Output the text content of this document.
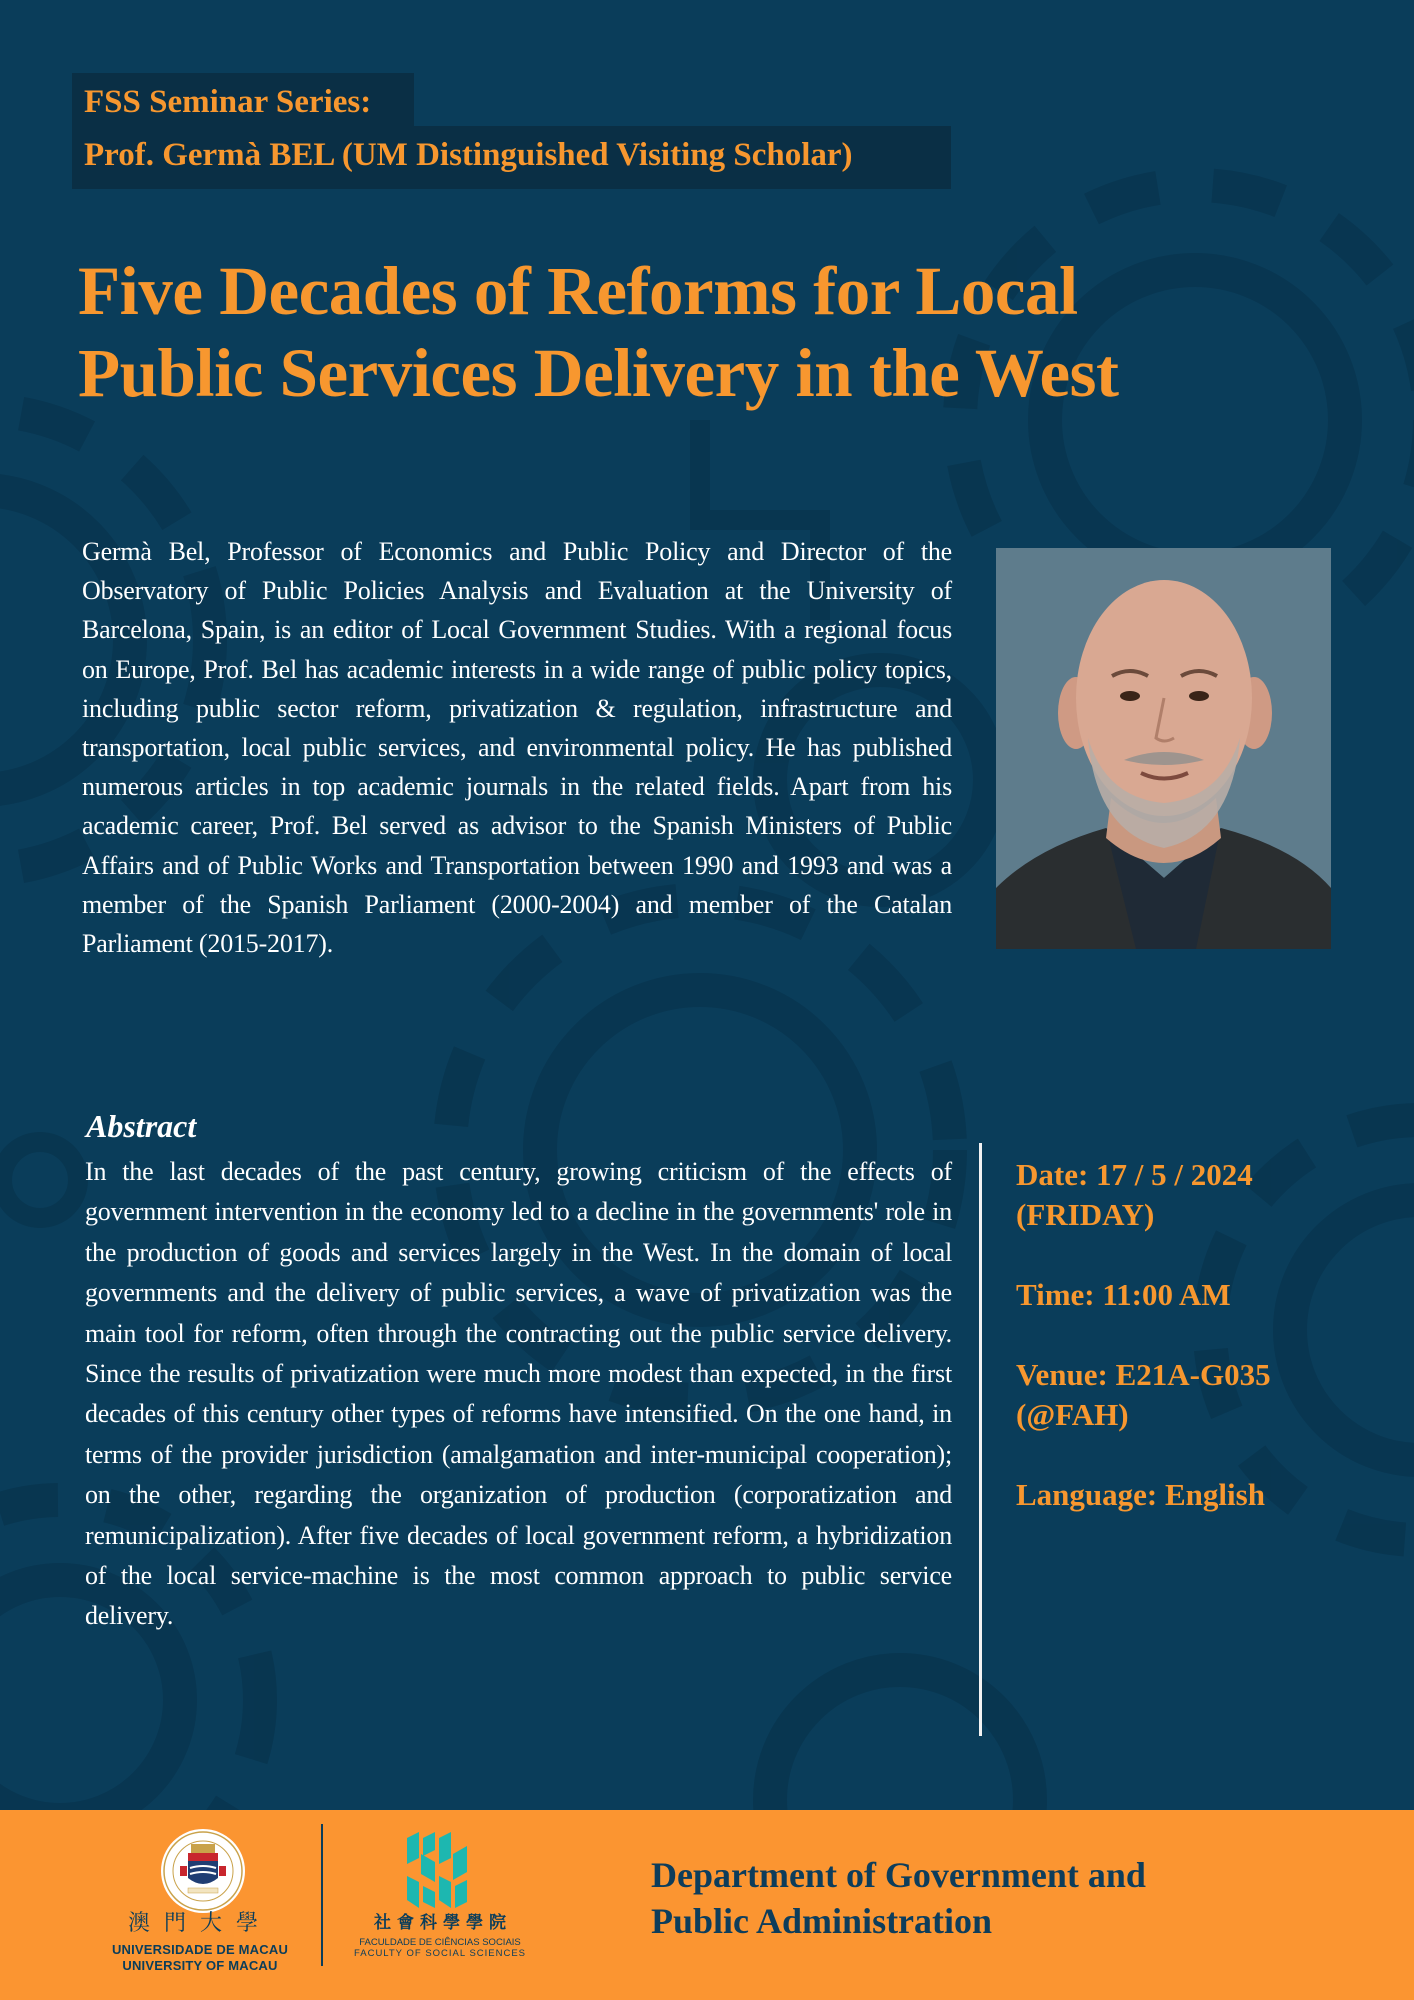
FSS Seminar Series:
Prof. Germà BEL (UM Distinguished Visiting Scholar)
Five Decades of Reforms for Local
Public Services Delivery in the West

Germà Bel, Professor of Economics and Public Policy and Director of the Observatory of Public Policies Analysis and Evaluation at the University of Barcelona, Spain, is an editor of Local Government Studies. With a regional focus on Europe, Prof. Bel has academic interests in a wide range of public policy topics, including public sector reform, privatization & regulation, infrastructure and transportation, local public services, and environmental policy. He has published numerous articles in top academic journals in the related fields. Apart from his academic career, Prof. Bel served as advisor to the Spanish Ministers of Public Affairs and of Public Works and Transportation between 1990 and 1993 and was a member of the Spanish Parliament (2000-2004) and member of the Catalan Parliament (2015-2017).

Abstract

In the last decades of the past century, growing criticism of the effects of government intervention in the economy led to a decline in the governments' role in the production of goods and services largely in the West. In the domain of local governments and the delivery of public services, a wave of privatization was the main tool for reform, often through the contracting out the public service delivery. Since the results of privatization were much more modest than expected, in the first decades of this century other types of reforms have intensified. On the one hand, in terms of the provider jurisdiction (amalgamation and inter-municipal cooperation); on the other, regarding the organization of production (corporatization and remunicipalization). After five decades of local government reform, a hybridization of the local service-machine is the most common approach to public service delivery.

Date: 17 / 5 / 2024
(FRIDAY)
Time: 11:00 AM
Venue: E21A-G035
(@FAH)
Language: English
澳門大學
UNIVERSIDADE DE MACAU
UNIVERSITY OF MACAU
社會科學學院
FACULDADE DE CIÊNCIAS SOCIAIS
FACULTY OF SOCIAL SCIENCES
Department of Government and
Public Administration
